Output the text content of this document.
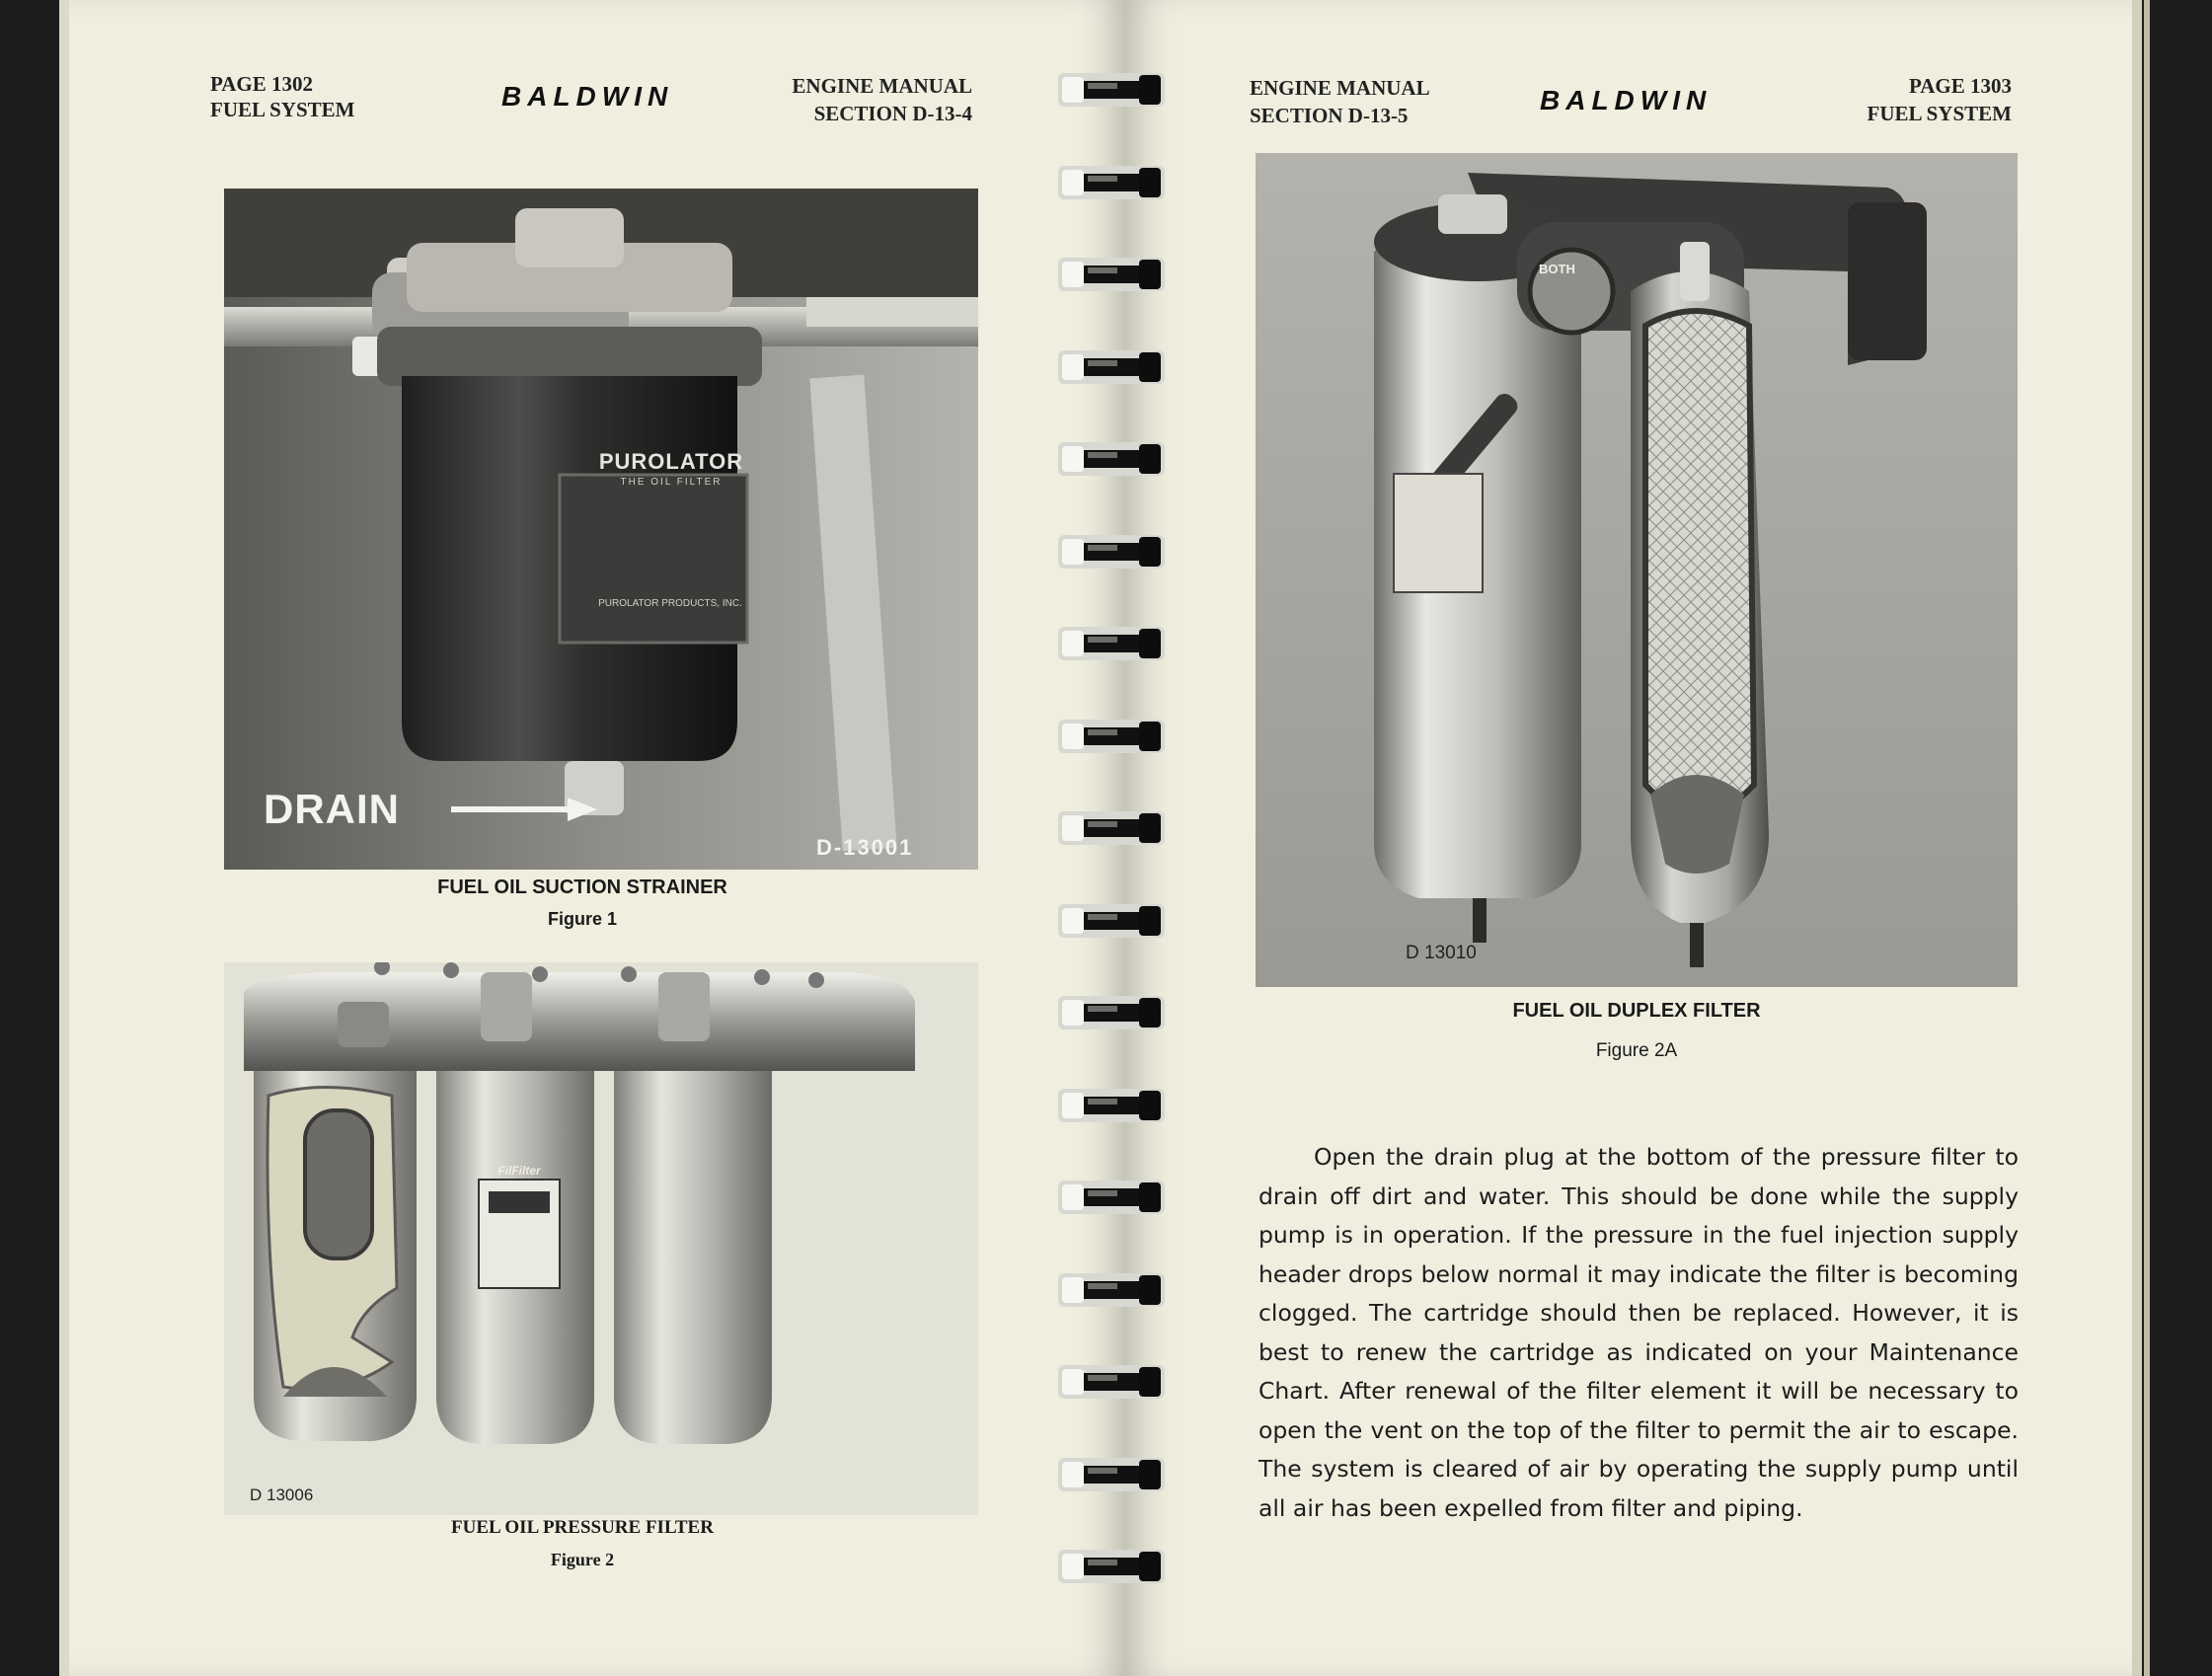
PAGE 1302
FUEL SYSTEM	BALDWIN	ENGINE MANUAL
SECTION D-13-4
PUROLATOR
THE OIL FILTER
PUROLATOR PRODUCTS, INC.
DRAIN
D-13001
FUEL OIL SUCTION STRAINER
Figure 1
FilFilter
D 13006
FUEL OIL PRESSURE FILTER
Figure 2
ENGINE MANUAL
SECTION D-13-5	BALDWIN	PAGE 1303
FUEL SYSTEM
BOTH
D 13010
FUEL OIL DUPLEX FILTER
Figure 2A
Open the drain plug at the bottom of the pressure filter to drain off dirt and water. This should be done while the supply pump is in operation. If the pressure in the fuel injection supply header drops below normal it may indicate the filter is becoming clogged. The cartridge should then be replaced. However, it is best to renew the cartridge as indicated on your Maintenance Chart. After renewal of the filter element it will be necessary to open the vent on the top of the filter to permit the air to escape. The system is cleared of air by operating the supply pump until all air has been expelled from filter and piping.
